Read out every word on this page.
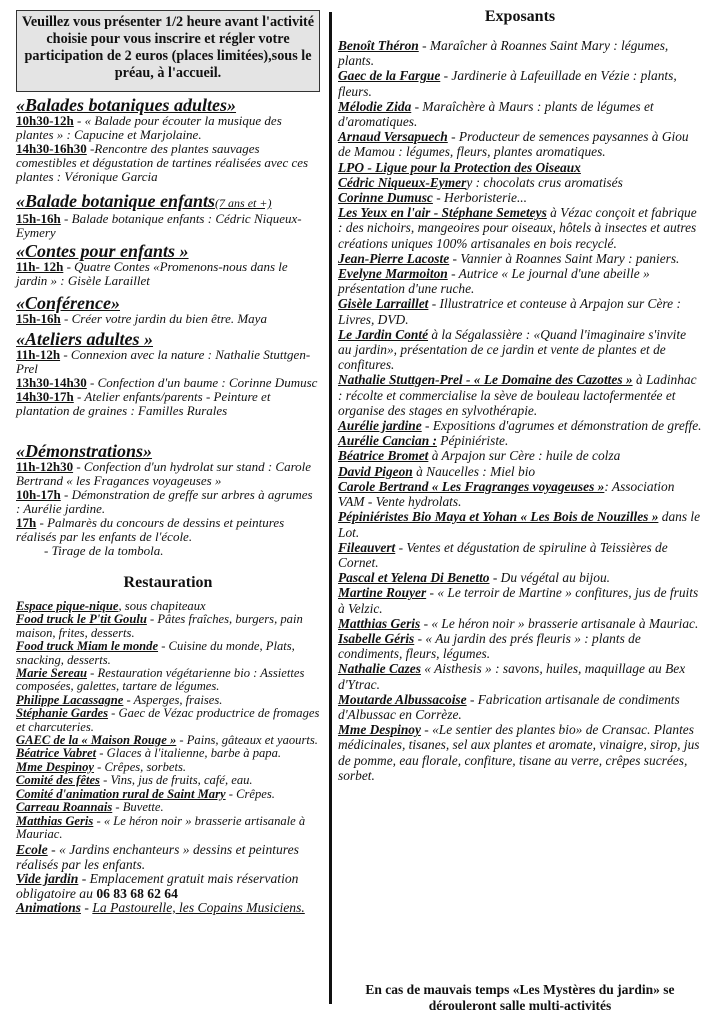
Veuillez vous présenter 1/2 heure avant l'activité choisie pour vous inscrire et régler votre participation de 2 euros (places limitées),sous le préau, à l'accueil.
«Balades botaniques adultes»
10h30-12h - « Balade pour écouter la musique des plantes » : Capucine et Marjolaine.
14h30-16h30 -Rencontre des plantes sauvages comestibles et dégustation de tartines réalisées avec ces plantes : Véronique Garcia
«Balade botanique enfants(7 ans et +)
15h-16h - Balade botanique enfants : Cédric Niqueux-Eymery
«Contes pour enfants »
11h- 12h - Quatre Contes «Promenons-nous dans le jardin » : Gisèle Laraillet
«Conférence»
15h-16h - Créer votre jardin du bien être. Maya
«Ateliers adultes »
11h-12h - Connexion avec la nature : Nathalie Stuttgen-Prel
13h30-14h30 - Confection d'un baume : Corinne Dumusc
14h30-17h - Atelier enfants/parents - Peinture et plantation de graines : Familles Rurales
«Démonstrations»
11h-12h30 - Confection d'un hydrolat sur stand : Carole Bertrand « les Fragances voyageuses »
10h-17h - Démonstration de greffe sur arbres à agrumes : Aurélie jardine.
17h - Palmarès du concours de dessins et peintures réalisés par les enfants de l'école.
- Tirage de la tombola.
Restauration
Espace pique-nique, sous chapiteaux
Food truck le P'tit Goulu - Pâtes fraîches, burgers, pain maison, frites, desserts.
Food truck Miam le monde - Cuisine du monde, Plats, snacking, desserts.
Marie Sereau - Restauration végétarienne bio : Assiettes composées, galettes, tartare de légumes.
Philippe Lacassagne - Asperges, fraises.
Stéphanie Gardes - Gaec de Vézac productrice de fromages et charcuteries.
GAEC de la « Maison Rouge » - Pains, gâteaux et yaourts.
Béatrice Vabret - Glaces à l'italienne, barbe à papa.
Mme Despinoy - Crêpes, sorbets.
Comité des fêtes - Vins, jus de fruits, café, eau.
Comité d'animation rural de Saint Mary - Crêpes.
Carreau Roannais - Buvette.
Matthias Geris - « Le héron noir » brasserie artisanale à Mauriac.
Ecole - « Jardins enchanteurs » dessins et peintures réalisés par les enfants.
Vide jardin - Emplacement gratuit mais réservation obligatoire au 06 83 68 62 64
Animations - La Pastourelle, les Copains Musiciens.
Exposants
Benoît Théron - Maraîcher à Roannes Saint Mary : légumes, plants.
Gaec de la Fargue - Jardinerie à Lafeuillade en Vézie : plants, fleurs.
Mélodie Zida - Maraîchère à Maurs : plants de légumes et d'aromatiques.
Arnaud Versapuech - Producteur de semences paysannes à Giou de Mamou : légumes, fleurs, plantes aromatiques.
LPO - Ligue pour la Protection des Oiseaux
Cédric Niqueux-Eymery : chocolats crus aromatisés
Corinne Dumusc - Herboristerie...
Les Yeux en l'air - Stéphane Semeteys à Vézac conçoit et fabrique : des nichoirs, mangeoires pour oiseaux, hôtels à insectes et autres créations uniques 100% artisanales en bois recyclé.
Jean-Pierre Lacoste - Vannier à Roannes Saint Mary : paniers.
Evelyne Marmoiton - Autrice « Le journal d'une abeille » présentation d'une ruche.
Gisèle Larraillet - Illustratrice et conteuse à Arpajon sur Cère : Livres, DVD.
Le Jardin Conté à la Ségalassière : «Quand l'imaginaire s'invite au jardin», présentation de ce jardin et vente de plantes et de confitures.
Nathalie Stuttgen-Prel - « Le Domaine des Cazottes » à Ladinhac : récolte et commercialise la sève de bouleau lactofermentée et organise des stages en sylvothérapie.
Aurélie jardine - Expositions d'agrumes et démonstration de greffe.
Aurélie Cancian : Pépiniériste.
Béatrice Bromet à Arpajon sur Cère : huile de colza
David Pigeon à Naucelles : Miel bio
Carole Bertrand « Les Fragranges voyageuses »: Association VAM - Vente hydrolats.
Pépiniéristes Bio Maya et Yohan « Les Bois de Nouzilles » dans le Lot.
Fileauvert - Ventes et dégustation de spiruline à Teissières de Cornet.
Pascal et Yelena Di Benetto - Du végétal au bijou.
Martine Rouyer - « Le terroir de Martine » confitures, jus de fruits à Velzic.
Matthias Geris - « Le héron noir » brasserie artisanale à Mauriac.
Isabelle Géris - « Au jardin des prés fleuris » : plants de condiments, fleurs, légumes.
Nathalie Cazes « Aisthesis » : savons, huiles, maquillage au Bex d'Ytrac.
Moutarde Albussacoise - Fabrication artisanale de condiments d'Albussac en Corrèze.
Mme Despinoy - «Le sentier des plantes bio» de Cransac. Plantes médicinales, tisanes, sel aux plantes et aromate, vinaigre, sirop, jus de pomme, eau florale, confiture, tisane au verre, crêpes sucrées, sorbet.
En cas de mauvais temps «Les Mystères du jardin» se dérouleront salle multi-activités
